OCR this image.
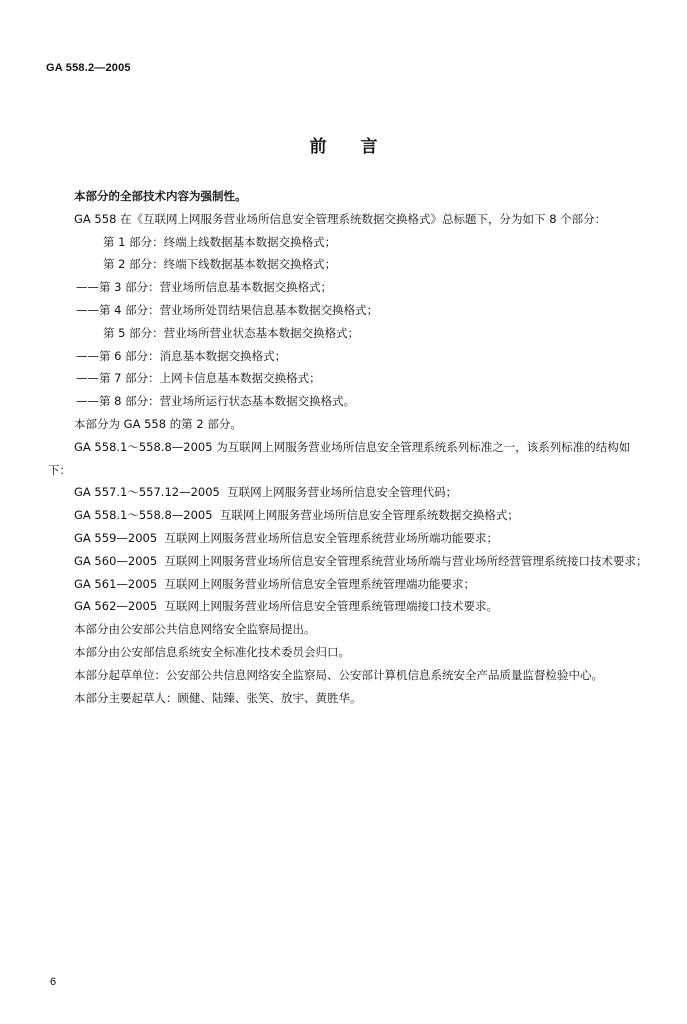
GA 558.2—2005
前言

本部分的全部技术内容为强制性。

GA 558 在《互联网上网服务营业场所信息安全管理系统数据交换格式》总标题下，分为如下 8 个部分：

第 1 部分：终端上线数据基本数据交换格式；

第 2 部分：终端下线数据基本数据交换格式；

——第 3 部分：营业场所信息基本数据交换格式；

——第 4 部分：营业场所处罚结果信息基本数据交换格式；

第 5 部分：营业场所营业状态基本数据交换格式；

——第 6 部分：消息基本数据交换格式；

——第 7 部分：上网卡信息基本数据交换格式；

——第 8 部分：营业场所运行状态基本数据交换格式。

本部分为 GA 558 的第 2 部分。

GA 558.1～558.8—2005 为互联网上网服务营业场所信息安全管理系统系列标准之一，该系列标准的结构如下：

GA 557.1～557.12—2005  互联网上网服务营业场所信息安全管理代码；

GA 558.1～558.8—2005  互联网上网服务营业场所信息安全管理系统数据交换格式；

GA 559—2005  互联网上网服务营业场所信息安全管理系统营业场所端功能要求；

GA 560—2005  互联网上网服务营业场所信息安全管理系统营业场所端与营业场所经营管理系统接口技术要求；

GA 561—2005  互联网上网服务营业场所信息安全管理系统管理端功能要求；

GA 562—2005  互联网上网服务营业场所信息安全管理系统管理端接口技术要求。

本部分由公安部公共信息网络安全监察局提出。

本部分由公安部信息系统安全标准化技术委员会归口。

本部分起草单位：公安部公共信息网络安全监察局、公安部计算机信息系统安全产品质量监督检验中心。

本部分主要起草人：顾健、陆臻、张笑、放宇、黄胜华。

6
